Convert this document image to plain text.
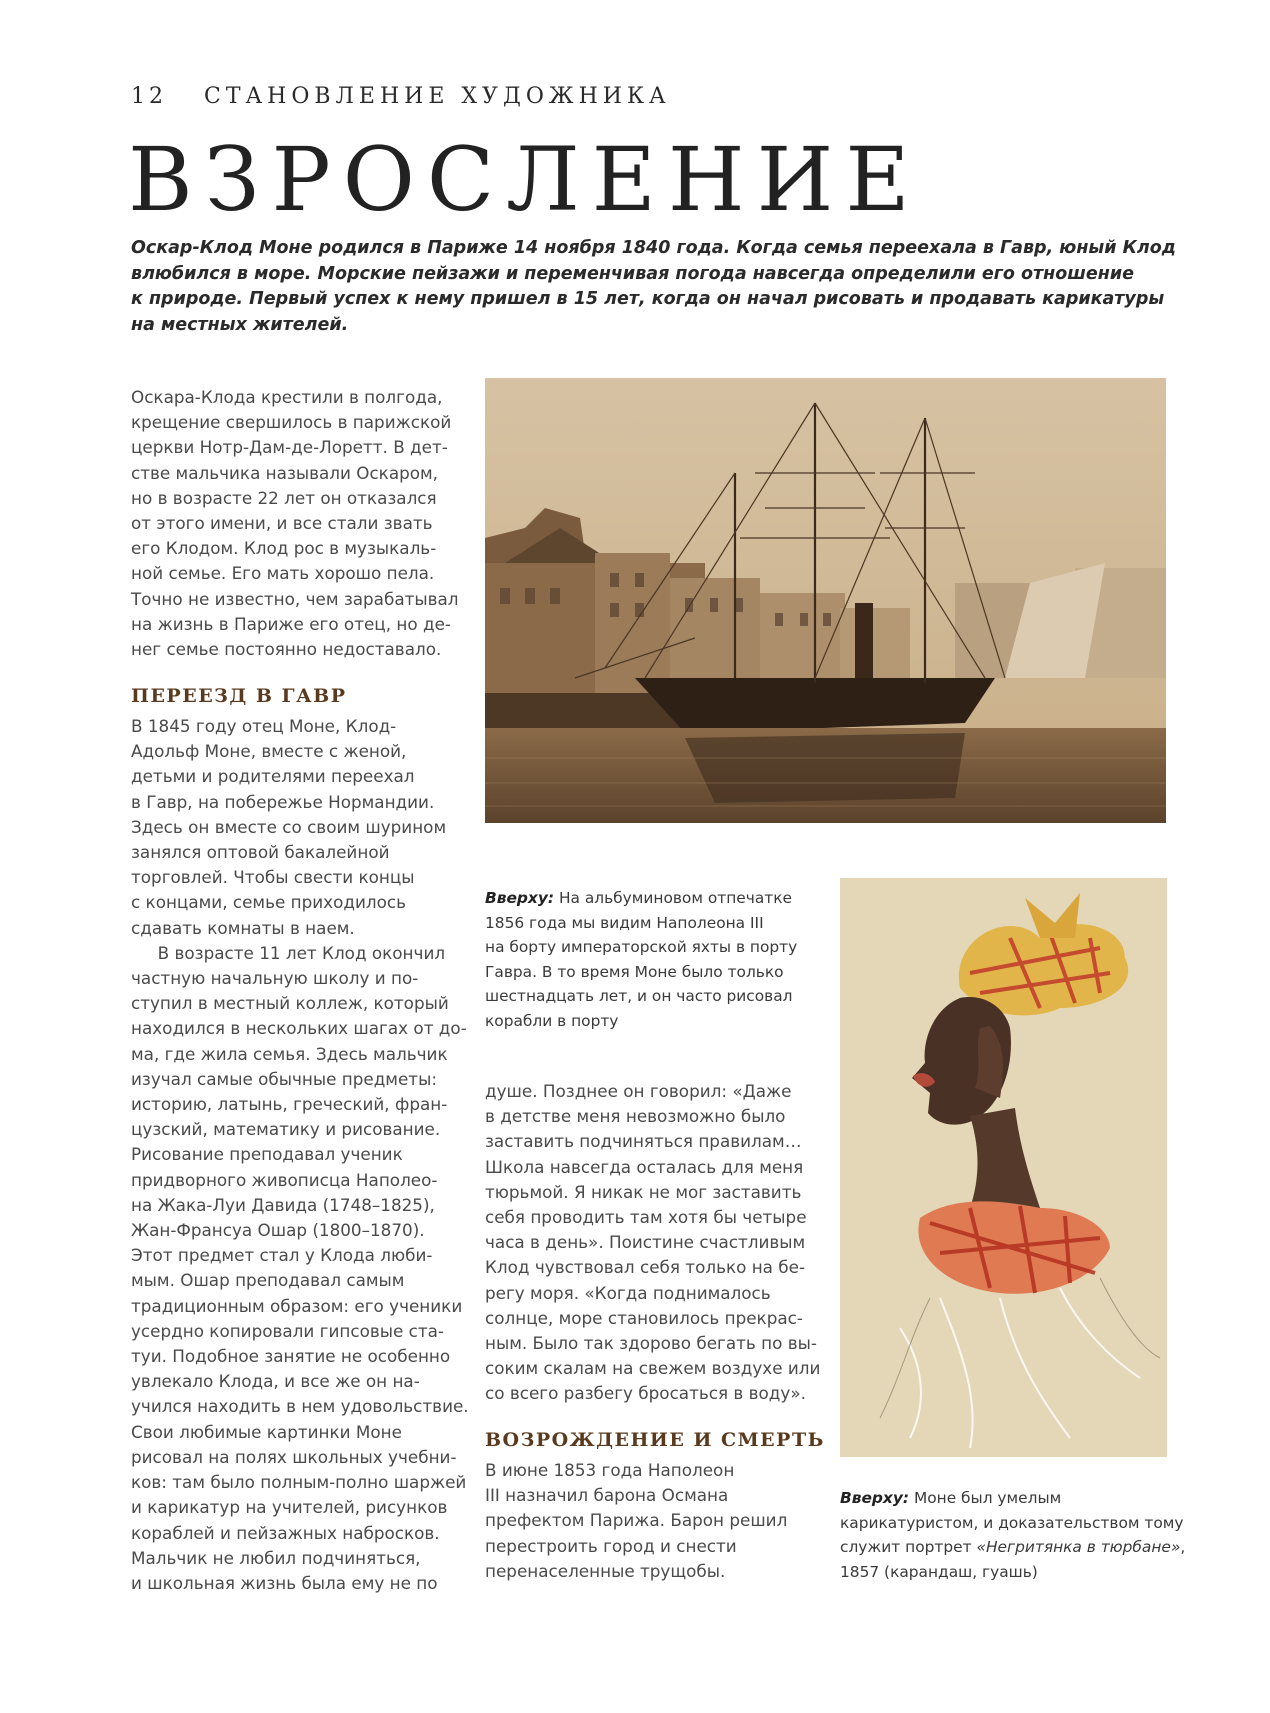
12 СТАНОВЛЕНИЕ ХУДОЖНИКА
ВЗРОСЛЕНИЕ

Оскар-Клод Моне родился в Париже 14 ноября 1840 года. Когда семья переехала в Гавр, юный Клод

влюбился в море. Морские пейзажи и переменчивая погода навсегда определили его отношение

к природе. Первый успех к нему пришел в 15 лет, когда он начал рисовать и продавать карикатуры

на местных жителей.

Оскара-Клода крестили в полгода,

крещение свершилось в парижской

церкви Нотр-Дам-де-Лоретт. В дет-

стве мальчика называли Оскаром,

но в возрасте 22 лет он отказался

от этого имени, и все стали звать

его Клодом. Клод рос в музыкаль-

ной семье. Его мать хорошо пела.

Точно не известно, чем зарабатывал

на жизнь в Париже его отец, но де-

нег семье постоянно недоставало.

ПЕРЕЕЗД В ГАВР

В 1845 году отец Моне, Клод-

Адольф Моне, вместе с женой,

детьми и родителями переехал

в Гавр, на побережье Нормандии.

Здесь он вместе со своим шурином

занялся оптовой бакалейной

торговлей. Чтобы свести концы

с концами, семье приходилось

сдавать комнаты в наем.

В возрасте 11 лет Клод окончил

частную начальную школу и по-

ступил в местный коллеж, который

находился в нескольких шагах от до-

ма, где жила семья. Здесь мальчик

изучал самые обычные предметы:

историю, латынь, греческий, фран-

цузский, математику и рисование.

Рисование преподавал ученик

придворного живописца Наполео-

на Жака-Луи Давида (1748–1825),

Жан-Франсуа Ошар (1800–1870).

Этот предмет стал у Клода люби-

мым. Ошар преподавал самым

традиционным образом: его ученики

усердно копировали гипсовые ста-

туи. Подобное занятие не особенно

увлекало Клода, и все же он на-

учился находить в нем удовольствие.

Свои любимые картинки Моне

рисовал на полях школьных учебни-

ков: там было полным-полно шаржей

и карикатур на учителей, рисунков

кораблей и пейзажных набросков.

Мальчик не любил подчиняться,

и школьная жизнь была ему не по

душе. Позднее он говорил: «Даже

в детстве меня невозможно было

заставить подчиняться правилам…

Школа навсегда осталась для меня

тюрьмой. Я никак не мог заставить

себя проводить там хотя бы четыре

часа в день». Поистине счастливым

Клод чувствовал себя только на бе-

регу моря. «Когда поднималось

солнце, море становилось прекрас-

ным. Было так здорово бегать по вы-

соким скалам на свежем воздухе или

со всего разбегу бросаться в воду».

ВОЗРОЖДЕНИЕ И СМЕРТЬ

В июне 1853 года Наполеон

III назначил барона Османа

префектом Парижа. Барон решил

перестроить город и снести

перенаселенные трущобы.

Вверху: На альбуминовом отпечатке

1856 года мы видим Наполеона III

на борту императорской яхты в порту

Гавра. В то время Моне было только

шестнадцать лет, и он часто рисовал

корабли в порту

Вверху: Моне был умелым

карикатуристом, и доказательством тому

служит портрет «Негритянка в тюрбане»,

1857 (карандаш, гуашь)
